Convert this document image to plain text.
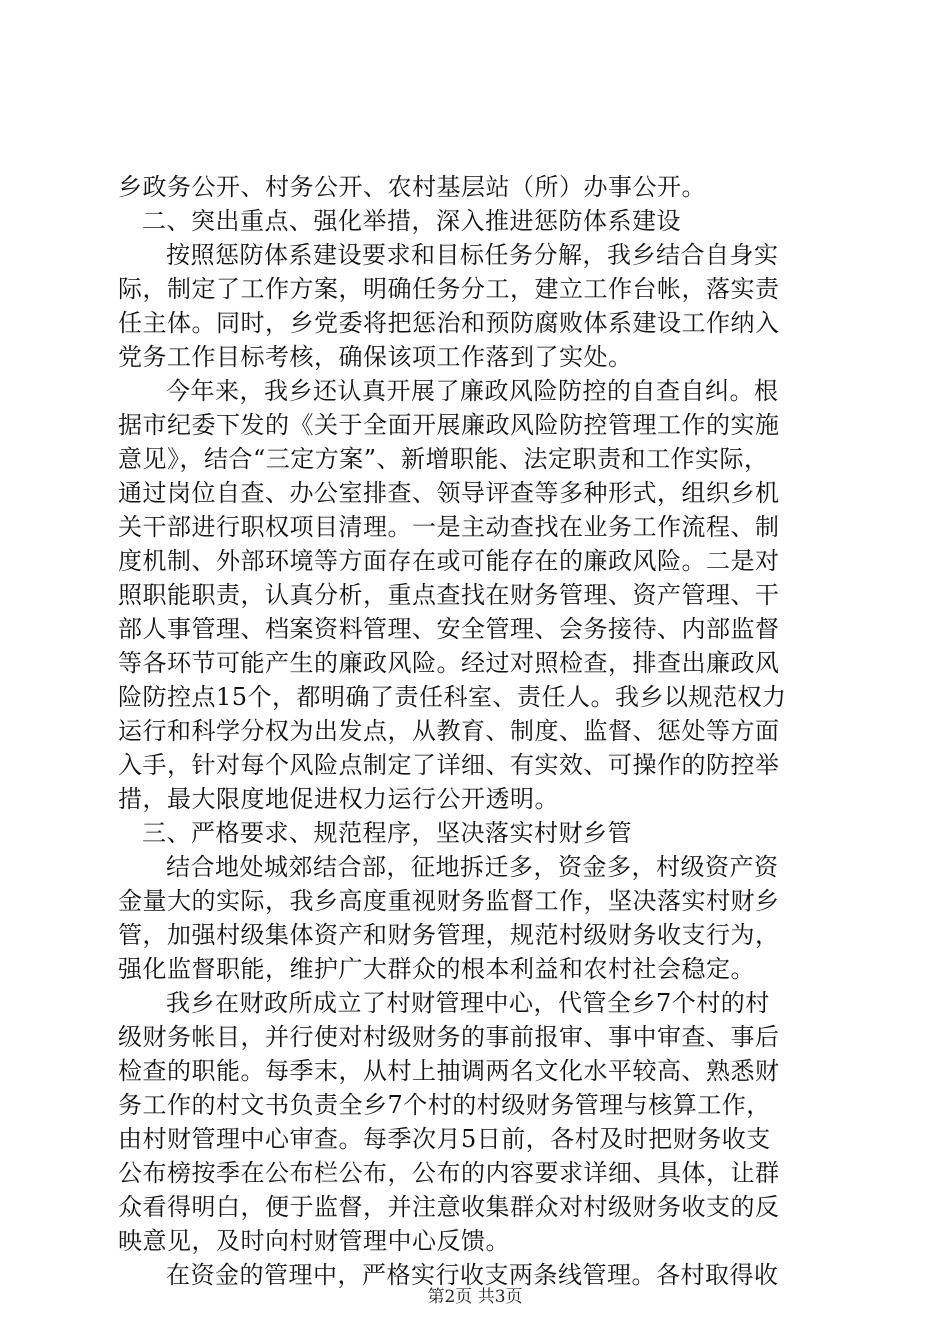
乡政务公开、村务公开、农村基层站（所）办事公开。
二、突出重点、强化举措，深入推进惩防体系建设
按照惩防体系建设要求和目标任务分解，我乡结合自身实
际，制定了工作方案，明确任务分工，建立工作台帐，落实责
任主体。同时，乡党委将把惩治和预防腐败体系建设工作纳入
党务工作目标考核，确保该项工作落到了实处。
今年来，我乡还认真开展了廉政风险防控的自查自纠。根
据市纪委下发的《关于全面开展廉政风险防控管理工作的实施
意见》，结合“三定方案”、新增职能、法定职责和工作实际，
通过岗位自查、办公室排查、领导评查等多种形式，组织乡机
关干部进行职权项目清理。一是主动查找在业务工作流程、制
度机制、外部环境等方面存在或可能存在的廉政风险。二是对
照职能职责，认真分析，重点查找在财务管理、资产管理、干
部人事管理、档案资料管理、安全管理、会务接待、内部监督
等各环节可能产生的廉政风险。经过对照检查，排查出廉政风
险防控点15个，都明确了责任科室、责任人。我乡以规范权力
运行和科学分权为出发点，从教育、制度、监督、惩处等方面
入手，针对每个风险点制定了详细、有实效、可操作的防控举
措，最大限度地促进权力运行公开透明。
三、严格要求、规范程序，坚决落实村财乡管
结合地处城郊结合部，征地拆迁多，资金多，村级资产资
金量大的实际，我乡高度重视财务监督工作，坚决落实村财乡
管，加强村级集体资产和财务管理，规范村级财务收支行为，
强化监督职能，维护广大群众的根本利益和农村社会稳定。
我乡在财政所成立了村财管理中心，代管全乡7个村的村
级财务帐目，并行使对村级财务的事前报审、事中审查、事后
检查的职能。每季末，从村上抽调两名文化水平较高、熟悉财
务工作的村文书负责全乡7个村的村级财务管理与核算工作，
由村财管理中心审查。每季次月5日前，各村及时把财务收支
公布榜按季在公布栏公布，公布的内容要求详细、具体，让群
众看得明白，便于监督，并注意收集群众对村级财务收支的反
映意见，及时向村财管理中心反馈。
在资金的管理中，严格实行收支两条线管理。各村取得收
第2页 共3页
